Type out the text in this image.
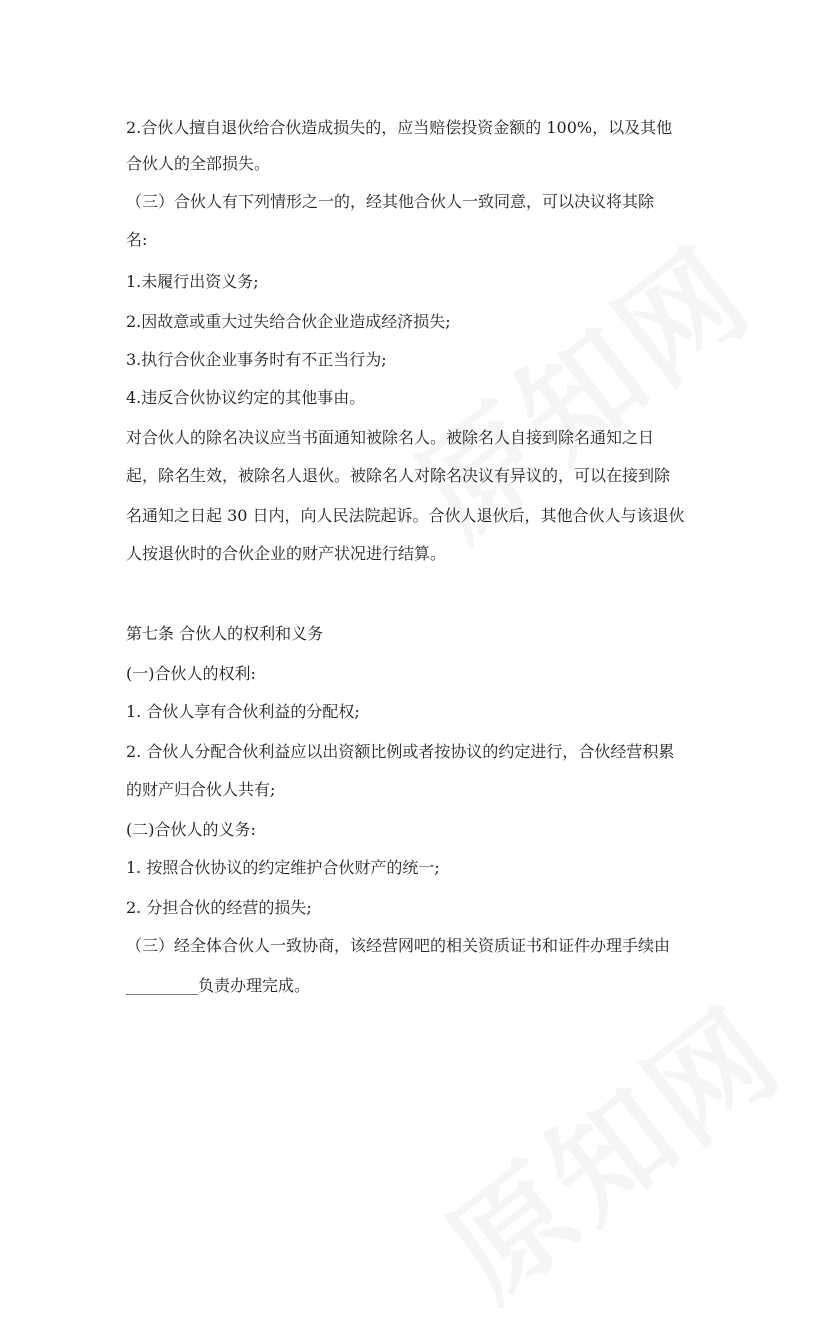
2.合伙人擅自退伙给合伙造成损失的，应当赔偿投资金额的 100%，以及其他
合伙人的全部损失。
（三）合伙人有下列情形之一的，经其他合伙人一致同意，可以决议将其除
名:
1.未履行出资义务;
2.因故意或重大过失给合伙企业造成经济损失;
3.执行合伙企业事务时有不正当行为;
4.违反合伙协议约定的其他事由。
对合伙人的除名决议应当书面通知被除名人。被除名人自接到除名通知之日
起，除名生效，被除名人退伙。被除名人对除名决议有异议的，可以在接到除
名通知之日起 30 日内，向人民法院起诉。合伙人退伙后，其他合伙人与该退伙
人按退伙时的合伙企业的财产状况进行结算。
第七条 合伙人的权利和义务
(一)合伙人的权利:
1. 合伙人享有合伙利益的分配权;
2. 合伙人分配合伙利益应以出资额比例或者按协议的约定进行，合伙经营积累
的财产归合伙人共有;
(二)合伙人的义务:
1. 按照合伙协议的约定维护合伙财产的统一;
2. 分担合伙的经营的损失;
（三）经全体合伙人一致协商，该经营网吧的相关资质证书和证件办理手续由
_________负责办理完成。
